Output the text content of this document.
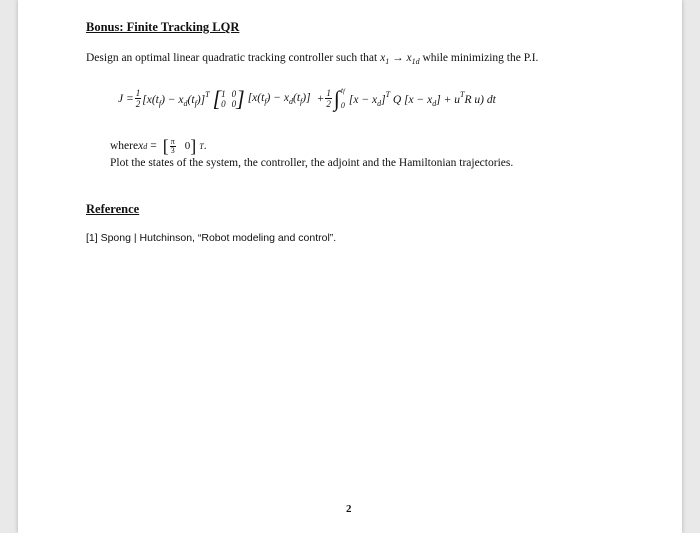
Bonus: Finite Tracking LQR
Design an optimal linear quadratic tracking controller such that $x_1 \to x_{1d}$ while minimizing the P.I.
$J = \frac{1}{2} [x(t_f) - x_d(t_f)]^T$ [ 1 0
0 0 ] $[x(t_f) - x_d(t_f)] + \frac{1}{2}$ ∫ tf
0 $[x - x_d]^T$ Q $[x - x_d] + u^TR$ u) dt
where x d = [ $\frac{\pi}{3} 0$ ] T .
Plot the states of the system, the controller, the adjoint and the Hamiltonian trajectories.
Reference
[1] Spong | Hutchinson, “Robot modeling and control”.
2
